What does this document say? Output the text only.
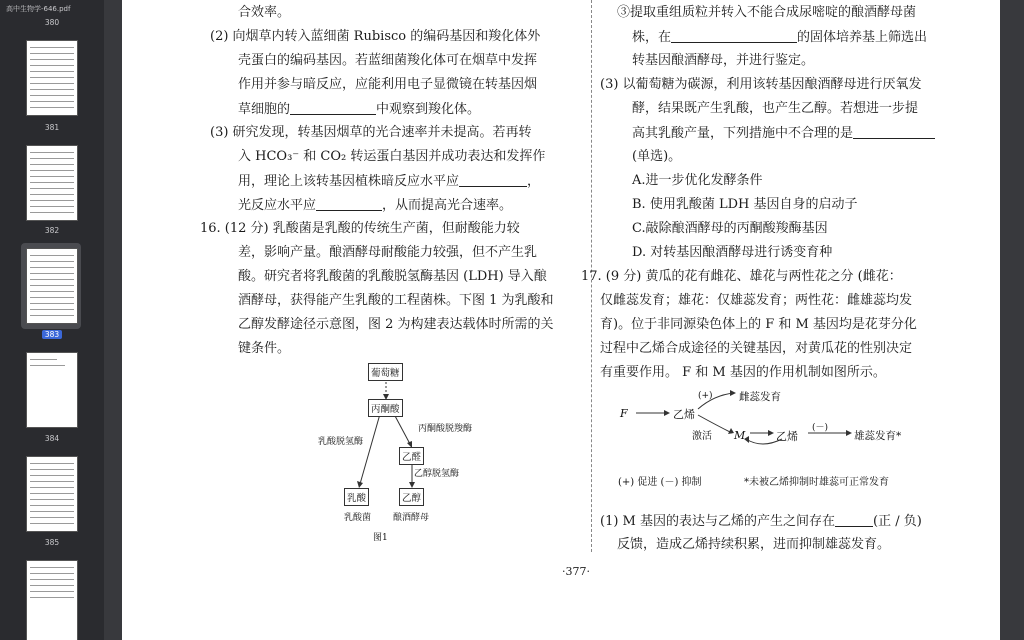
高中生物学-646.pdf
380
381
382
383
384
385
合效率。
(2) 向烟草内转入蓝细菌 Rubisco 的编码基因和羧化体外
壳蛋白的编码基因。若蓝细菌羧化体可在烟草中发挥
作用并参与暗反应，应能利用电子显微镜在转基因烟
草细胞的	中观察到羧化体。
(3) 研究发现，转基因烟草的光合速率并未提高。若再转
入 HCO₃⁻ 和 CO₂ 转运蛋白基因并成功表达和发挥作
用，理论上该转基因植株暗反应水平应	，
光反应水平应	，从而提高光合速率。
16. (12 分) 乳酸菌是乳酸的传统生产菌，但耐酸能力较
差，影响产量。酿酒酵母耐酸能力较强，但不产生乳
酸。研究者将乳酸菌的乳酸脱氢酶基因 (LDH) 导入酿
酒酵母，获得能产生乳酸的工程菌株。下图 1 为乳酸和
乙醇发酵途径示意图，图 2 为构建表达载体时所需的关
键条件。
葡萄糖
丙酮酸
丙酮酸脱羧酶
乳酸脱氢酶
乙醛
乙醇脱氢酶
乳酸	乙醇
乳酸菌 酿酒酵母
图1
③提取重组质粒并转入不能合成尿嘧啶的酿酒酵母菌
株，在	的固体培养基上筛选出
转基因酿酒酵母，并进行鉴定。
(3) 以葡萄糖为碳源，利用该转基因酿酒酵母进行厌氧发
酵，结果既产生乳酸，也产生乙醇。若想进一步提
高其乳酸产量，下列措施中不合理的是
(单选)。
A.进一步优化发酵条件
B. 使用乳酸菌 LDH 基因自身的启动子
C.敲除酿酒酵母的丙酮酸羧酶基因
D. 对转基因酿酒酵母进行诱变育种
17. (9 分) 黄瓜的花有雌花、雄花与两性花之分 (雌花：
仅雌蕊发育；雄花：仅雄蕊发育；两性花：雌雄蕊均发
育)。位于非同源染色体上的 F 和 M 基因均是花芽分化
过程中乙烯合成途径的关键基因，对黄瓜花的性别决定
有重要作用。 F 和 M 基因的作用机制如图所示。
F	乙烯
(+)	雌蕊发育
激活 M	乙烯
(－)
雄蕊发育*
(+) 促进 (－) 抑制	*未被乙烯抑制时雄蕊可正常发育
(1) M 基因的表达与乙烯的产生之间存在	(正 / 负)
反馈，造成乙烯持续积累，进而抑制雄蕊发育。
·377·
